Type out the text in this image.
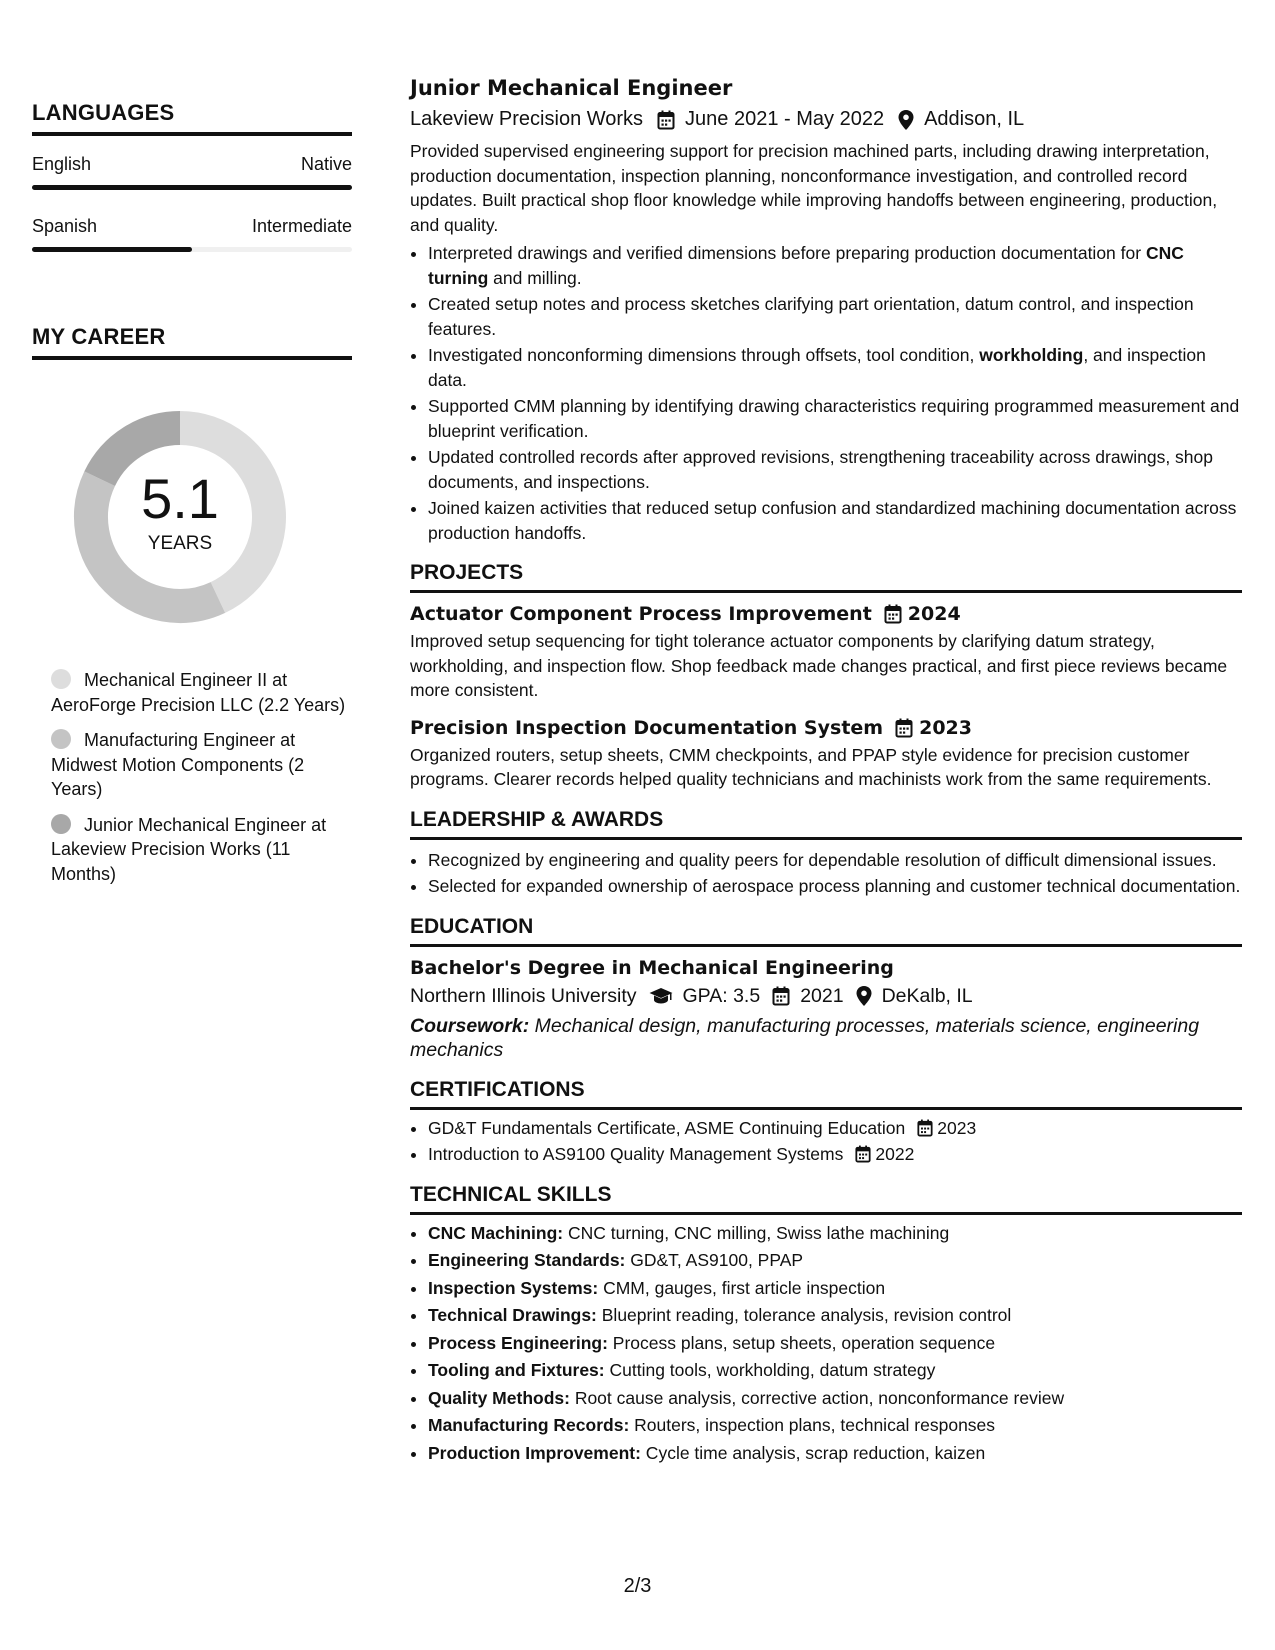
LANGUAGES
English	Native
Spanish	Intermediate
MY CAREER
5.1
YEARS
Mechanical Engineer II at AeroForge Precision LLC (2.2 Years)
Manufacturing Engineer at Midwest Motion Components (2 Years)
Junior Mechanical Engineer at Lakeview Precision Works (11 Months)
Junior Mechanical Engineer
Lakeview Precision Works June 2021 - May 2022 Addison, IL
Provided supervised engineering support for precision machined parts, including drawing interpretation, production documentation, inspection planning, nonconformance investigation, and controlled record updates. Built practical shop floor knowledge while improving handoffs between engineering, production, and quality.
• Interpreted drawings and verified dimensions before preparing production documentation for CNC turning and milling.
• Created setup notes and process sketches clarifying part orientation, datum control, and inspection features.
• Investigated nonconforming dimensions through offsets, tool condition, workholding, and inspection data.
• Supported CMM planning by identifying drawing characteristics requiring programmed measurement and blueprint verification.
• Updated controlled records after approved revisions, strengthening traceability across drawings, shop documents, and inspections.
• Joined kaizen activities that reduced setup confusion and standardized machining documentation across production handoffs.
PROJECTS
Actuator Component Process Improvement 2024
Improved setup sequencing for tight tolerance actuator components by clarifying datum strategy, workholding, and inspection flow. Shop feedback made changes practical, and first piece reviews became more consistent.
Precision Inspection Documentation System 2023
Organized routers, setup sheets, CMM checkpoints, and PPAP style evidence for precision customer programs. Clearer records helped quality technicians and machinists work from the same requirements.
LEADERSHIP & AWARDS
• Recognized by engineering and quality peers for dependable resolution of difficult dimensional issues.
• Selected for expanded ownership of aerospace process planning and customer technical documentation.
EDUCATION
Bachelor's Degree in Mechanical Engineering
Northern Illinois University GPA: 3.5 2021 DeKalb, IL
Coursework: Mechanical design, manufacturing processes, materials science, engineering mechanics
CERTIFICATIONS
• GD&T Fundamentals Certificate, ASME Continuing Education 2023
• Introduction to AS9100 Quality Management Systems 2022
TECHNICAL SKILLS
• CNC Machining: CNC turning, CNC milling, Swiss lathe machining
• Engineering Standards: GD&T, AS9100, PPAP
• Inspection Systems: CMM, gauges, first article inspection
• Technical Drawings: Blueprint reading, tolerance analysis, revision control
• Process Engineering: Process plans, setup sheets, operation sequence
• Tooling and Fixtures: Cutting tools, workholding, datum strategy
• Quality Methods: Root cause analysis, corrective action, nonconformance review
• Manufacturing Records: Routers, inspection plans, technical responses
• Production Improvement: Cycle time analysis, scrap reduction, kaizen
2/3
